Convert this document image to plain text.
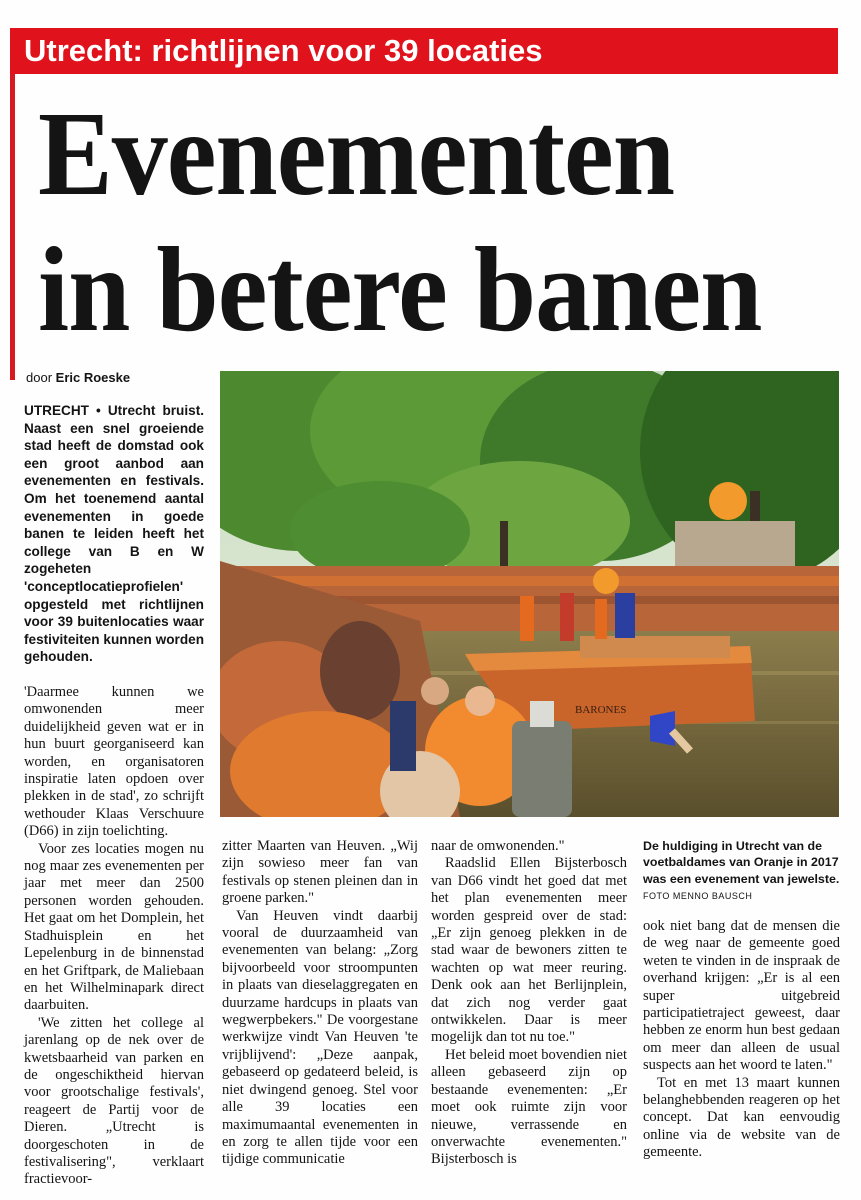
Utrecht: richtlijnen voor 39 locaties
Evenementen
in betere banen
door Eric Roeske
BARONES
UTRECHT • Utrecht bruist. Naast een snel groeiende stad heeft de domstad ook een groot aanbod aan evenementen en festivals. Om het toenemend aantal evenementen in goede banen te leiden heeft het college van B en W zogeheten 'conceptlocatieprofielen' opgesteld met richtlijnen voor 39 buitenlocaties waar festiviteiten kunnen worden gehouden.

'Daarmee kunnen we omwonenden meer duidelijkheid geven wat er in hun buurt georganiseerd kan worden, en organisatoren inspiratie laten opdoen over plekken in de stad', zo schrijft wethouder Klaas Verschuure (D66) in zijn toelichting.

Voor zes locaties mogen nu nog maar zes evenementen per jaar met meer dan 2500 personen worden gehouden. Het gaat om het Domplein, het Stadhuisplein en het Lepelenburg in de binnenstad en het Griftpark, de Maliebaan en het Wilhelminapark direct daarbuiten.

'We zitten het college al jarenlang op de nek over de kwetsbaarheid van parken en de ongeschiktheid hiervan voor grootschalige festivals', reageert de Partij voor de Dieren. „Utrecht is doorgeschoten in de festivalisering", verklaart fractievoor-

zitter Maarten van Heuven. „Wij zijn sowieso meer fan van festivals op stenen pleinen dan in groene parken."

Van Heuven vindt daarbij vooral de duurzaamheid van evenementen van belang: „Zorg bijvoorbeeld voor stroompunten in plaats van dieselaggregaten en duurzame hardcups in plaats van wegwerpbekers." De voorgestane werkwijze vindt Van Heuven 'te vrijblijvend': „Deze aanpak, gebaseerd op gedateerd beleid, is niet dwingend genoeg. Stel voor alle 39 locaties een maximumaantal evenementen in en zorg te allen tijde voor een tijdige communicatie

naar de omwonenden."

Raadslid Ellen Bijsterbosch van D66 vindt het goed dat met het plan evenementen meer worden gespreid over de stad: „Er zijn genoeg plekken in de stad waar de bewoners zitten te wachten op wat meer reuring. Denk ook aan het Berlijnplein, dat zich nog verder gaat ontwikkelen. Daar is meer mogelijk dan tot nu toe."

Het beleid moet bovendien niet alleen gebaseerd zijn op bestaande evenementen: „Er moet ook ruimte zijn voor nieuwe, verrassende en onverwachte evenementen." Bijsterbosch is

De huldiging in Utrecht van de voetbaldames van Oranje in 2017 was een evenement van jewelste. FOTO MENNO BAUSCH

ook niet bang dat de mensen die de weg naar de gemeente goed weten te vinden in de inspraak de overhand krijgen: „Er is al een super uitgebreid participatietraject geweest, daar hebben ze enorm hun best gedaan om meer dan alleen de usual suspects aan het woord te laten."

Tot en met 13 maart kunnen belanghebbenden reageren op het concept. Dat kan eenvoudig online via de website van de gemeente.
